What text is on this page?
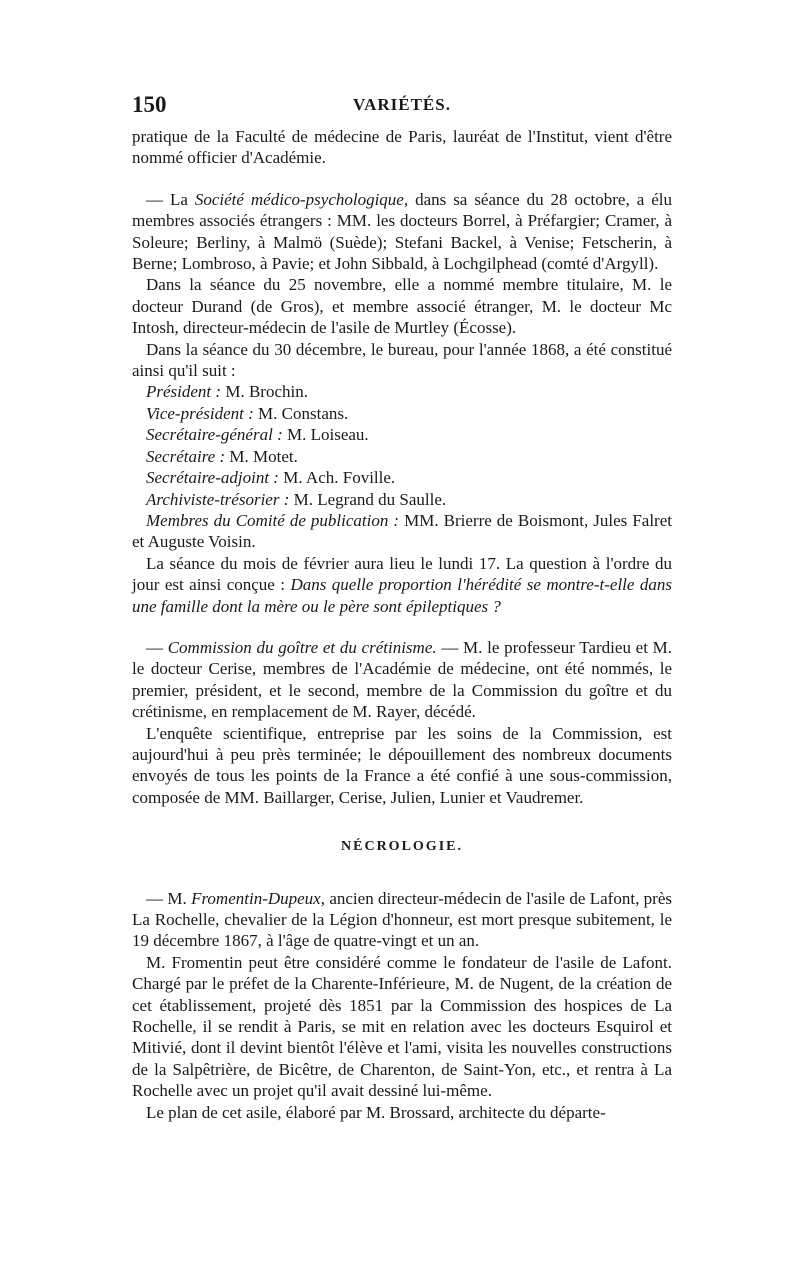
150	VARIÉTÉS.

pratique de la Faculté de médecine de Paris, lauréat de l'Institut, vient d'être nommé officier d'Académie.

— La Société médico-psychologique, dans sa séance du 28 octobre, a élu membres associés étrangers : MM. les docteurs Borrel, à Préfargier; Cramer, à Soleure; Berliny, à Malmö (Suède); Stefani Backel, à Venise; Fetscherin, à Berne; Lombroso, à Pavie; et John Sibbald, à Lochgilphead (comté d'Argyll).

Dans la séance du 25 novembre, elle a nommé membre titulaire, M. le docteur Durand (de Gros), et membre associé étranger, M. le docteur Mc Intosh, directeur-médecin de l'asile de Murtley (Écosse).

Dans la séance du 30 décembre, le bureau, pour l'année 1868, a été constitué ainsi qu'il suit :

Président : M. Brochin.
Vice-président : M. Constans.
Secrétaire-général : M. Loiseau.
Secrétaire : M. Motet.
Secrétaire-adjoint : M. Ach. Foville.
Archiviste-trésorier : M. Legrand du Saulle.

Membres du Comité de publication : MM. Brierre de Boismont, Jules Falret et Auguste Voisin.

La séance du mois de février aura lieu le lundi 17. La question à l'ordre du jour est ainsi conçue : Dans quelle proportion l'hérédité se montre-t-elle dans une famille dont la mère ou le père sont épileptiques ?

— Commission du goître et du crétinisme. — M. le professeur Tardieu et M. le docteur Cerise, membres de l'Académie de médecine, ont été nommés, le premier, président, et le second, membre de la Commission du goître et du crétinisme, en remplacement de M. Rayer, décédé.

L'enquête scientifique, entreprise par les soins de la Commission, est aujourd'hui à peu près terminée; le dépouillement des nombreux documents envoyés de tous les points de la France a été confié à une sous-commission, composée de MM. Baillarger, Cerise, Julien, Lunier et Vaudremer.

NÉCROLOGIE.

— M. Fromentin-Dupeux, ancien directeur-médecin de l'asile de Lafont, près La Rochelle, chevalier de la Légion d'honneur, est mort presque subitement, le 19 décembre 1867, à l'âge de quatre-vingt et un an.

M. Fromentin peut être considéré comme le fondateur de l'asile de Lafont. Chargé par le préfet de la Charente-Inférieure, M. de Nugent, de la création de cet établissement, projeté dès 1851 par la Commission des hospices de La Rochelle, il se rendit à Paris, se mit en relation avec les docteurs Esquirol et Mitivié, dont il devint bientôt l'élève et l'ami, visita les nouvelles constructions de la Salpêtrière, de Bicêtre, de Charenton, de Saint-Yon, etc., et rentra à La Rochelle avec un projet qu'il avait dessiné lui-même.

Le plan de cet asile, élaboré par M. Brossard, architecte du départe-
